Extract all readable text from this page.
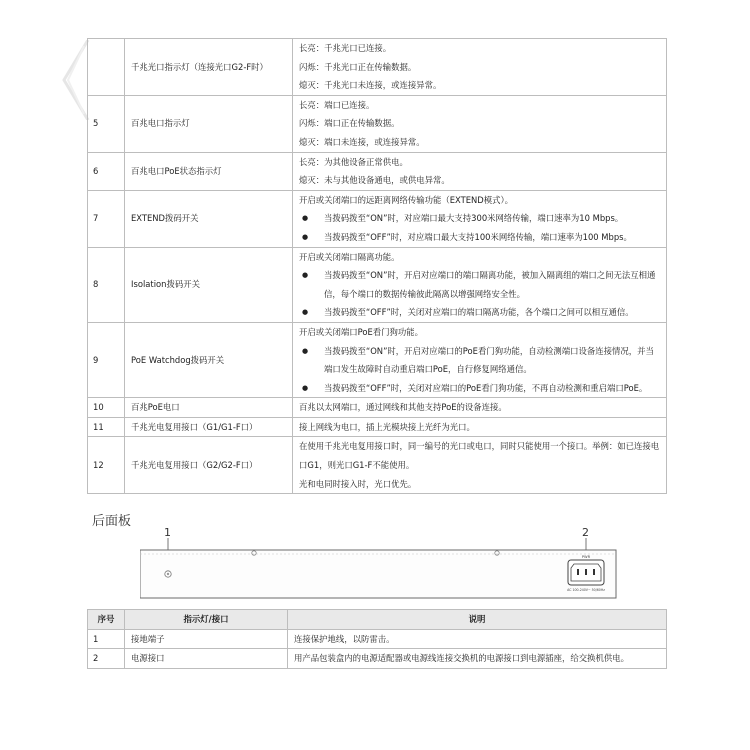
	千兆光口指示灯（连接光口G2-F时）	长亮：千兆光口已连接。
闪烁：千兆光口正在传输数据。
熄灭：千兆光口未连接，或连接异常。

5	百兆电口指示灯	长亮：端口已连接。
闪烁：端口正在传输数据。
熄灭：端口未连接，或连接异常。

6	百兆电口PoE状态指示灯	长亮：为其他设备正常供电。
熄灭：未与其他设备通电，或供电异常。

7	EXTEND拨码开关	开启或关闭端口的远距离网络传输功能（EXTEND模式）。
● 当拨码拨至“ON”时，对应端口最大支持300米网络传输，端口速率为10 Mbps。
● 当拨码拨至“OFF”时，对应端口最大支持100米网络传输，端口速率为100 Mbps。

8	Isolation拨码开关	开启或关闭端口隔离功能。
● 当拨码拨至“ON”时，开启对应端口的端口隔离功能，被加入隔离组的端口之间无法互相通信，每个端口的数据传输彼此隔离以增强网络安全性。
● 当拨码拨至“OFF”时，关闭对应端口的端口隔离功能，各个端口之间可以相互通信。

9	PoE Watchdog拨码开关	开启或关闭端口PoE看门狗功能。
● 当拨码拨至“ON”时，开启对应端口的PoE看门狗功能，自动检测端口设备连接情况，并当端口发生故障时自动重启端口PoE，自行修复网络通信。
● 当拨码拨至“OFF”时，关闭对应端口的PoE看门狗功能，不再自动检测和重启端口PoE。

10	百兆PoE电口	百兆以太网端口，通过网线和其他支持PoE的设备连接。

11	千兆光电复用接口（G1/G1-F口）	接上网线为电口，插上光模块接上光纤为光口。

12	千兆光电复用接口（G2/G2-F口）	在使用千兆光电复用接口时，同一编号的光口或电口，同时只能使用一个接口。举例：如已连接电口G1，则光口G1-F不能使用。
光和电同时接入时，光口优先。
后面板
1	2
PWR
AC 100-240V~ 50/60Hz
序号	指示灯/接口	说明
1	接地端子	连接保护地线，以防雷击。
2	电源接口	用产品包装盒内的电源适配器或电源线连接交换机的电源接口到电源插座，给交换机供电。
